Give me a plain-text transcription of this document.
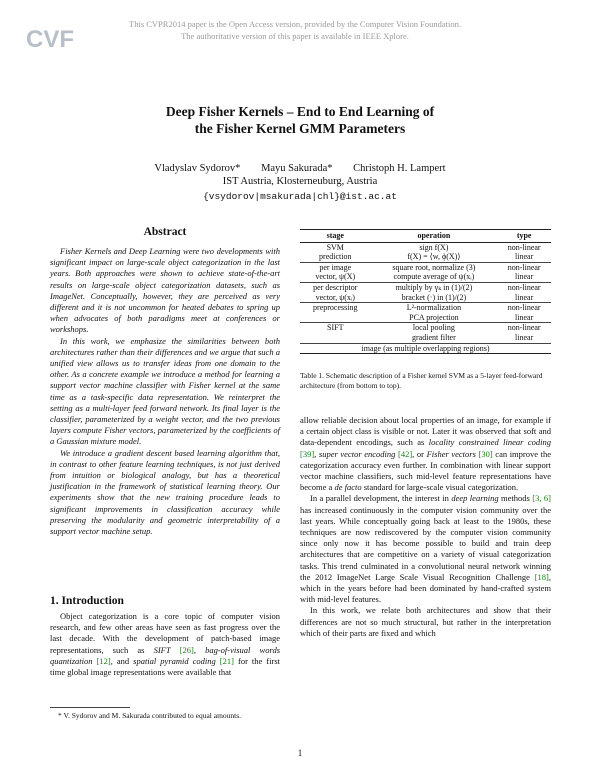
CVF
This CVPR2014 paper is the Open Access version, provided by the Computer Vision Foundation.
The authoritative version of this paper is available in IEEE Xplore.
Deep Fisher Kernels – End to End Learning of
the Fisher Kernel GMM Parameters
Vladyslav Sydorov* Mayu Sakurada* Christoph H. Lampert
IST Austria, Klosterneuburg, Austria
{vsydorov|msakurada|chl}@ist.ac.at
Abstract

Fisher Kernels and Deep Learning were two developments with significant impact on large-scale object categorization in the last years. Both approaches were shown to achieve state-of-the-art results on large-scale object categorization datasets, such as ImageNet. Conceptually, however, they are perceived as very different and it is not uncommon for heated debates to spring up when advocates of both paradigms meet at conferences or workshops.

In this work, we emphasize the similarities between both architectures rather than their differences and we argue that such a unified view allows us to transfer ideas from one domain to the other. As a concrete example we introduce a method for learning a support vector machine classifier with Fisher kernel at the same time as a task-specific data representation. We reinterpret the setting as a multi-layer feed forward network. Its final layer is the classifier, parameterized by a weight vector, and the two previous layers compute Fisher vectors, parameterized by the coefficients of a Gaussian mixture model.

We introduce a gradient descent based learning algorithm that, in contrast to other feature learning techniques, is not just derived from intuition or biological analogy, but has a theoretical justification in the framework of statistical learning theory. Our experiments show that the new training procedure leads to significant improvements in classification accuracy while preserving the modularity and geometric interpretability of a support vector machine setup.

1. Introduction

Object categorization is a core topic of computer vision research, and few other areas have seen as fast progress over the last decade. With the development of patch-based image representations, such as SIFT [26], bag-of-visual words quantization [12], and spatial pyramid coding [21] for the first time global image representations were available that

* V. Sydorov and M. Sakurada contributed to equal amounts.
stage	operation	type
SVM	sign f(X)	non-linear
prediction	f(X) = ⟨w, ϕ(X)⟩	linear
per image	square root, normalize (3)	non-linear
vector, ψ(X)	compute average of ψ(xᵢ)	linear
per descriptor	multiply by γₖ in (1)/(2)	non-linear
vector, ψ(xᵢ)	bracket (·) in (1)/(2)	linear
preprocessing	L²-normalization	non-linear
	PCA projection	linear
SIFT	local pooling	non-linear
	gradient filter	linear
image (as multiple overlapping regions)		
Table 1. Schematic description of a Fisher kernel SVM as a 5-layer feed-forward architecture (from bottom to top).

allow reliable decision about local properties of an image, for example if a certain object class is visible or not. Later it was observed that soft and data-dependent encodings, such as locality constrained linear coding [39], super vector encoding [42], or Fisher vectors [30] can improve the categorization accuracy even further. In combination with linear support vector machine classifiers, such mid-level feature representations have become a de facto standard for large-scale visual categorization.

In a parallel development, the interest in deep learning methods [3, 6] has increased continuously in the computer vision community over the last years. While conceptually going back at least to the 1980s, these techniques are now rediscovered by the computer vision community since only now it has become possible to build and train deep architectures that are competitive on a variety of visual categorization tasks. This trend culminated in a convolutional neural network winning the 2012 ImageNet Large Scale Visual Recognition Challenge [18], which in the years before had been dominated by hand-crafted system with mid-level features.

In this work, we relate both architectures and show that their differences are not so much structural, but rather in the interpretation which of their parts are fixed and which

1
